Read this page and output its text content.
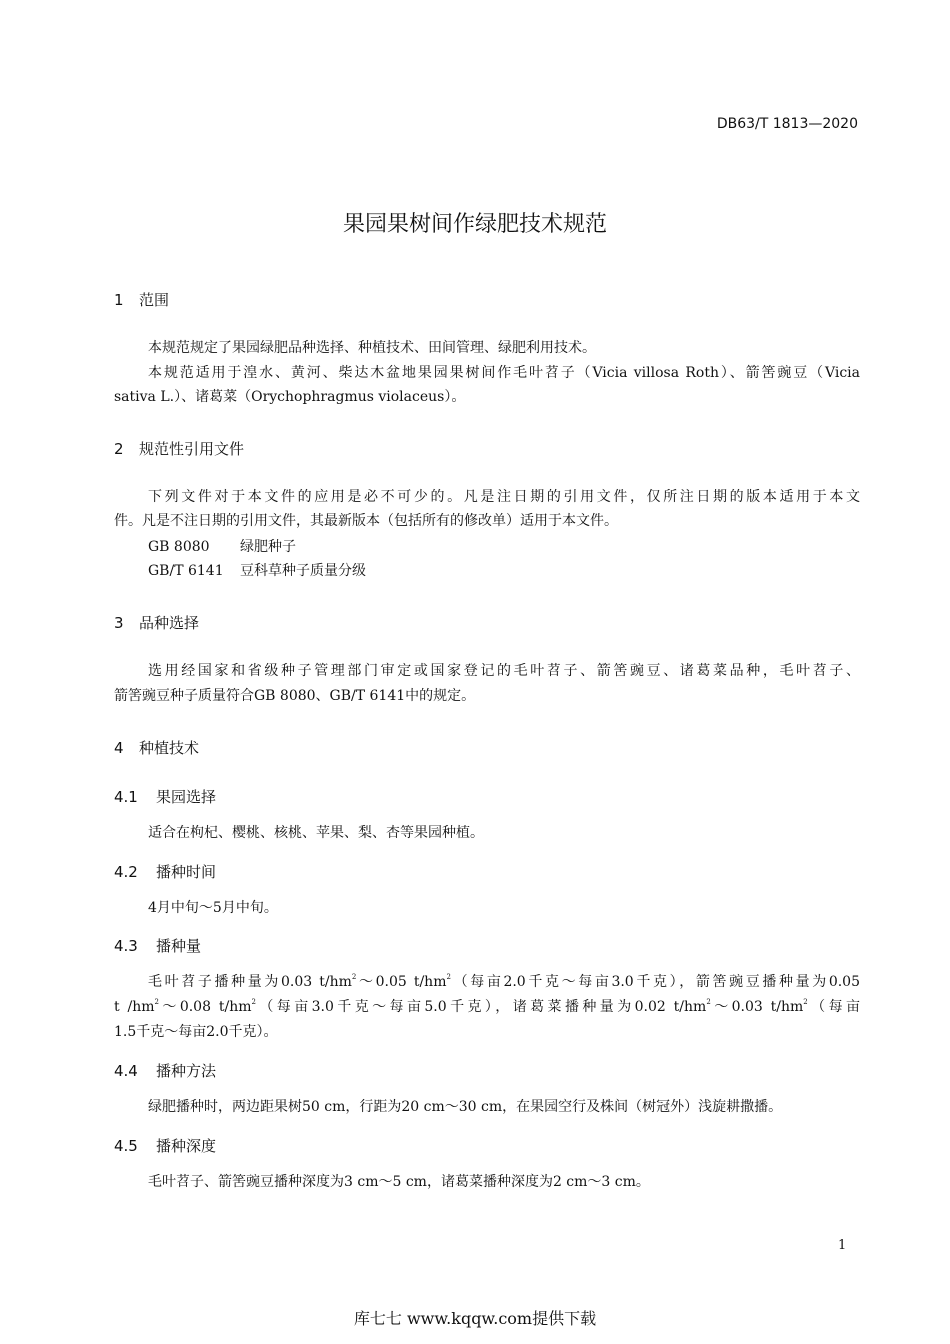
DB63/T 1813—2020
果园果树间作绿肥技术规范
1 范围
本规范规定了果园绿肥品种选择、种植技术、田间管理、绿肥利用技术。
本规范适用于湟水、黄河、柴达木盆地果园果树间作毛叶苕子（Vicia villosa Roth）、箭筈豌豆（Vicia
sativa L.）、诸葛菜（Orychophragmus violaceus）。
2 规范性引用文件
下列文件对于本文件的应用是必不可少的。凡是注日期的引用文件，仅所注日期的版本适用于本文
件。凡是不注日期的引用文件，其最新版本（包括所有的修改单）适用于本文件。
GB 8080 绿肥种子
GB/T 6141 豆科草种子质量分级
3 品种选择
选用经国家和省级种子管理部门审定或国家登记的毛叶苕子、箭筈豌豆、诸葛菜品种，毛叶苕子、
箭筈豌豆种子质量符合GB 8080、GB/T 6141中的规定。
4 种植技术
4.1 果园选择
适合在枸杞、樱桃、核桃、苹果、梨、杏等果园种植。
4.2 播种时间
4月中旬～5月中旬。
4.3 播种量
毛叶苕子播种量为0.03 $t/hm^2\sim 0.05$ $t/hm^2$（每亩2.0千克～每亩3.0千克），箭筈豌豆播种量为0.05
t $/hm^2\sim 0.08$ $t/hm^2$（每亩3.0千克～每亩5.0千克），诸葛菜播种量为0.02 $t/hm^2\sim 0.03$ $t/hm^2$（每亩
1.5千克～每亩2.0千克）。
4.4 播种方法
绿肥播种时，两边距果树50 cm，行距为20 cm～30 cm，在果园空行及株间（树冠外）浅旋耕撒播。
4.5 播种深度
毛叶苕子、箭筈豌豆播种深度为3 cm～5 cm，诸葛菜播种深度为2 cm～3 cm。
1
库七七 www.kqqw.com提供下载
